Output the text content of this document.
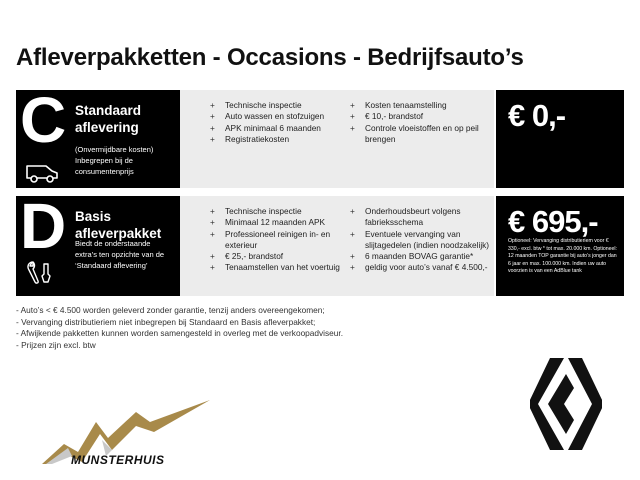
Afleverpakketten - Occasions - Bedrijfsauto’s
C Standaard
aflevering
(Onvermijdbare kosten)
Inbegrepen bij de
consumentenprijs
+ Technische inspectie
+ Auto wassen en stofzuigen
+ APK minimaal 6 maanden
+ Registratiekosten
+ Kosten tenaamstelling
+ € 10,- brandstof
+ Controle vloeistoffen en op peil brengen
€ 0,-
D Basis
afleverpakket
Biedt de onderstaande
extra’s ten opzichte van de
‘Standaard aflevering’
+ Technische inspectie
+ Minimaal 12 maanden APK
+ Professioneel reinigen in- en exterieur
+ € 25,- brandstof
+ Tenaamstellen van het voertuig
+ Onderhoudsbeurt volgens fabrieksschema
+ Eventuele vervanging van slijtagedelen (indien noodzakelijk)
+ 6 maanden BOVAG garantie*
+ geldig voor auto’s vanaf € 4.500,-
€ 695,-
Optioneel: Vervanging distributieriem voor € 330,- excl. btw * tot max. 20.000 km. Optioneel: 12 maanden TOP garantie bij auto’s jonger dan 6 jaar en max. 100.000 km. Indien uw auto voorzien is van een AdBlue tank
- Auto’s < € 4.500 worden geleverd zonder garantie, tenzij anders overeengekomen;
- Vervanging distributieriem niet inbegrepen bij Standaard en Basis afleverpakket;
- Afwijkende pakketten kunnen worden samengesteld in overleg met de verkoopadviseur.
- Prijzen zijn excl. btw
MUNSTERHUIS
